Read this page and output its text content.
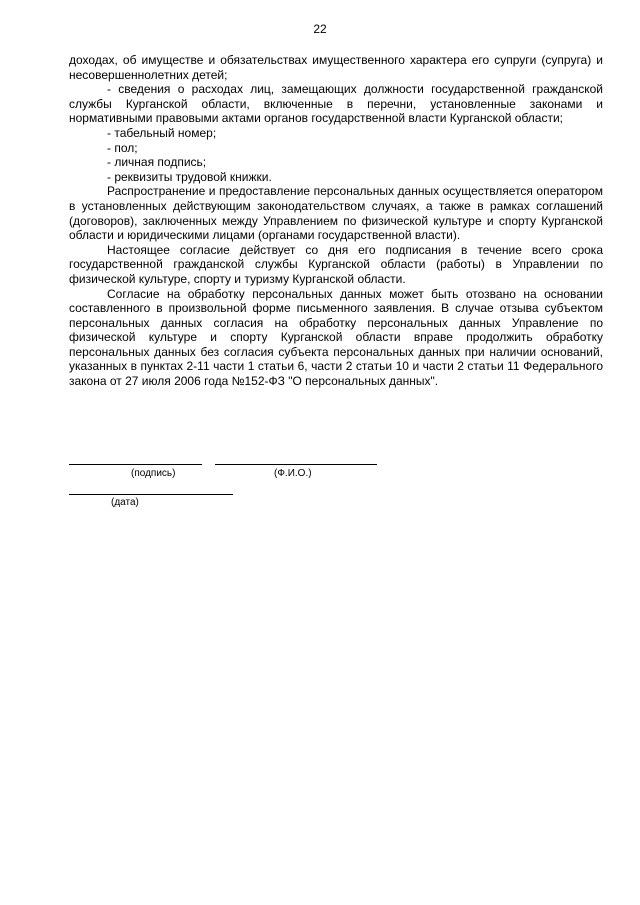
22

доходах, об имуществе и обязательствах имущественного характера его супруги (супруга) и несовершеннолетних детей;

- сведения о расходах лиц, замещающих должности государственной гражданской службы Курганской области, включенные в перечни, установленные законами и нормативными правовыми актами органов государственной власти Курганской области;

- табельный номер;

- пол;

- личная подпись;

- реквизиты трудовой книжки.

Распространение и предоставление персональных данных осуществляется оператором в установленных действующим законодательством случаях, а также в рамках соглашений (договоров), заключенных между Управлением по физической культуре и спорту Курганской области и юридическими лицами (органами государственной власти).

Настоящее согласие действует со дня его подписания в течение всего срока государственной гражданской службы Курганской области (работы) в Управлении по физической культуре, спорту и туризму Курганской области.

Согласие на обработку персональных данных может быть отозвано на основании составленного в произвольной форме письменного заявления. В случае отзыва субъектом персональных данных согласия на обработку персональных данных Управление по физической культуре и спорту Курганской области вправе продолжить обработку персональных данных без согласия субъекта персональных данных при наличии оснований, указанных в пунктах 2-11 части 1 статьи 6, части 2 статьи 10 и части 2 статьи 11 Федерального закона от 27 июля 2006 года №152-ФЗ "О персональных данных".

(подпись)	(Ф.И.О.)
(дата)
